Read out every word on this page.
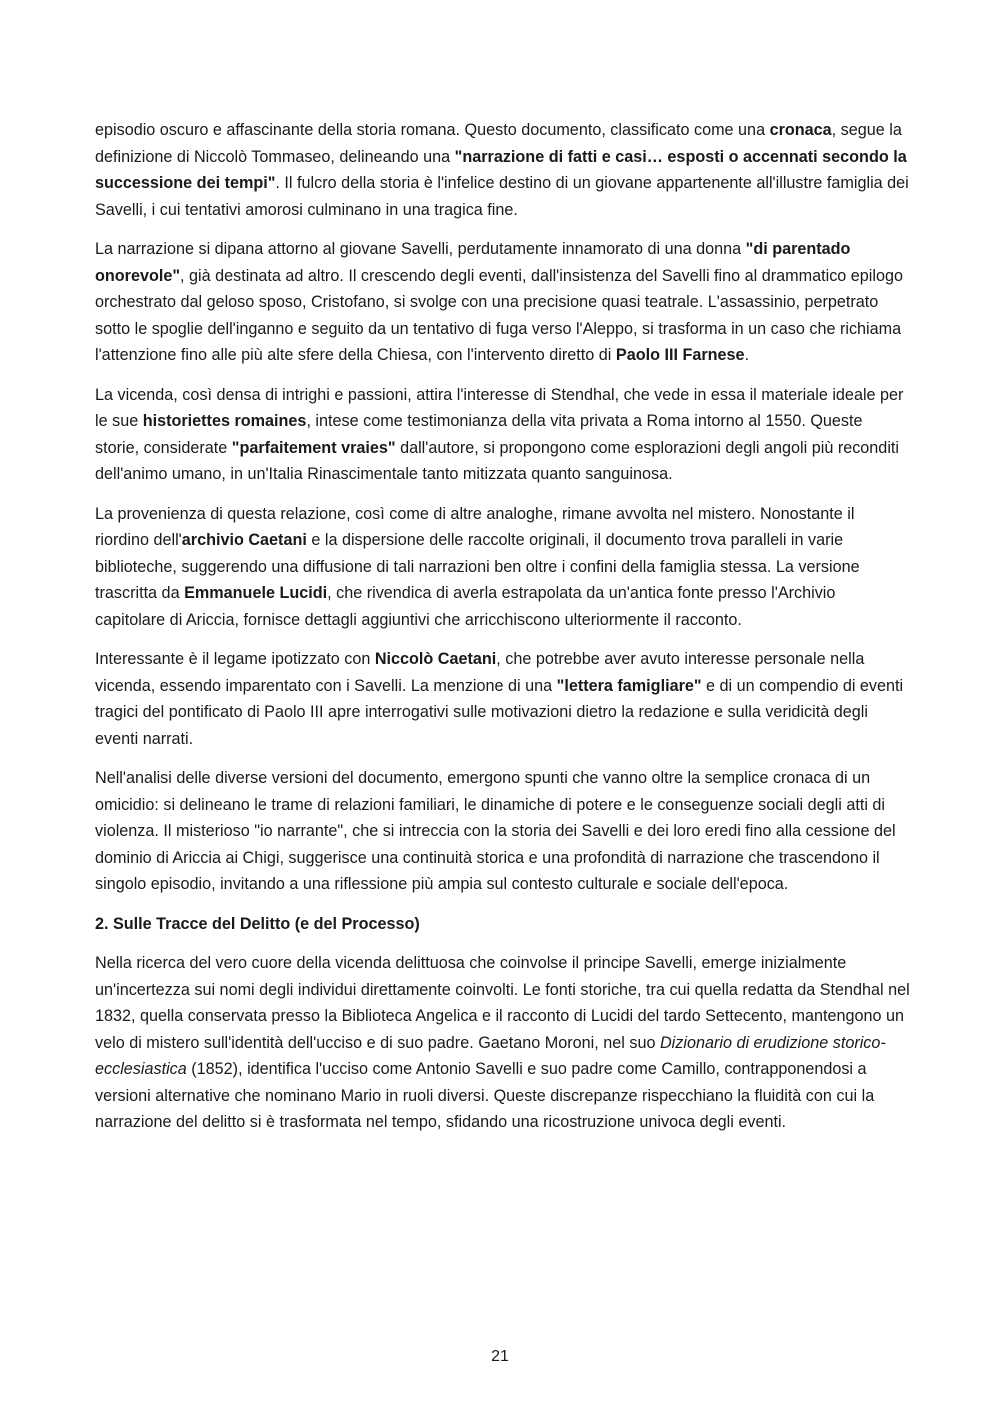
episodio oscuro e affascinante della storia romana. Questo documento, classificato come una cronaca, segue la definizione di Niccolò Tommaseo, delineando una "narrazione di fatti e casi… esposti o accennati secondo la successione dei tempi". Il fulcro della storia è l'infelice destino di un giovane appartenente all'illustre famiglia dei Savelli, i cui tentativi amorosi culminano in una tragica fine.

La narrazione si dipana attorno al giovane Savelli, perdutamente innamorato di una donna "di parentado onorevole", già destinata ad altro. Il crescendo degli eventi, dall'insistenza del Savelli fino al drammatico epilogo orchestrato dal geloso sposo, Cristofano, si svolge con una precisione quasi teatrale. L'assassinio, perpetrato sotto le spoglie dell'inganno e seguito da un tentativo di fuga verso l'Aleppo, si trasforma in un caso che richiama l'attenzione fino alle più alte sfere della Chiesa, con l'intervento diretto di Paolo III Farnese.

La vicenda, così densa di intrighi e passioni, attira l'interesse di Stendhal, che vede in essa il materiale ideale per le sue historiettes romaines, intese come testimonianza della vita privata a Roma intorno al 1550. Queste storie, considerate "parfaitement vraies" dall'autore, si propongono come esplorazioni degli angoli più reconditi dell'animo umano, in un'Italia Rinascimentale tanto mitizzata quanto sanguinosa.

La provenienza di questa relazione, così come di altre analoghe, rimane avvolta nel mistero. Nonostante il riordino dell'archivio Caetani e la dispersione delle raccolte originali, il documento trova paralleli in varie biblioteche, suggerendo una diffusione di tali narrazioni ben oltre i confini della famiglia stessa. La versione trascritta da Emmanuele Lucidi, che rivendica di averla estrapolata da un'antica fonte presso l'Archivio capitolare di Ariccia, fornisce dettagli aggiuntivi che arricchiscono ulteriormente il racconto.

Interessante è il legame ipotizzato con Niccolò Caetani, che potrebbe aver avuto interesse personale nella vicenda, essendo imparentato con i Savelli. La menzione di una "lettera famigliare" e di un compendio di eventi tragici del pontificato di Paolo III apre interrogativi sulle motivazioni dietro la redazione e sulla veridicità degli eventi narrati.

Nell'analisi delle diverse versioni del documento, emergono spunti che vanno oltre la semplice cronaca di un omicidio: si delineano le trame di relazioni familiari, le dinamiche di potere e le conseguenze sociali degli atti di violenza. Il misterioso "io narrante", che si intreccia con la storia dei Savelli e dei loro eredi fino alla cessione del dominio di Ariccia ai Chigi, suggerisce una continuità storica e una profondità di narrazione che trascendono il singolo episodio, invitando a una riflessione più ampia sul contesto culturale e sociale dell'epoca.

2. Sulle Tracce del Delitto (e del Processo)

Nella ricerca del vero cuore della vicenda delittuosa che coinvolse il principe Savelli, emerge inizialmente un'incertezza sui nomi degli individui direttamente coinvolti. Le fonti storiche, tra cui quella redatta da Stendhal nel 1832, quella conservata presso la Biblioteca Angelica e il racconto di Lucidi del tardo Settecento, mantengono un velo di mistero sull'identità dell'ucciso e di suo padre. Gaetano Moroni, nel suo Dizionario di erudizione storico-ecclesiastica (1852), identifica l'ucciso come Antonio Savelli e suo padre come Camillo, contrapponendosi a versioni alternative che nominano Mario in ruoli diversi. Queste discrepanze rispecchiano la fluidità con cui la narrazione del delitto si è trasformata nel tempo, sfidando una ricostruzione univoca degli eventi.

21
